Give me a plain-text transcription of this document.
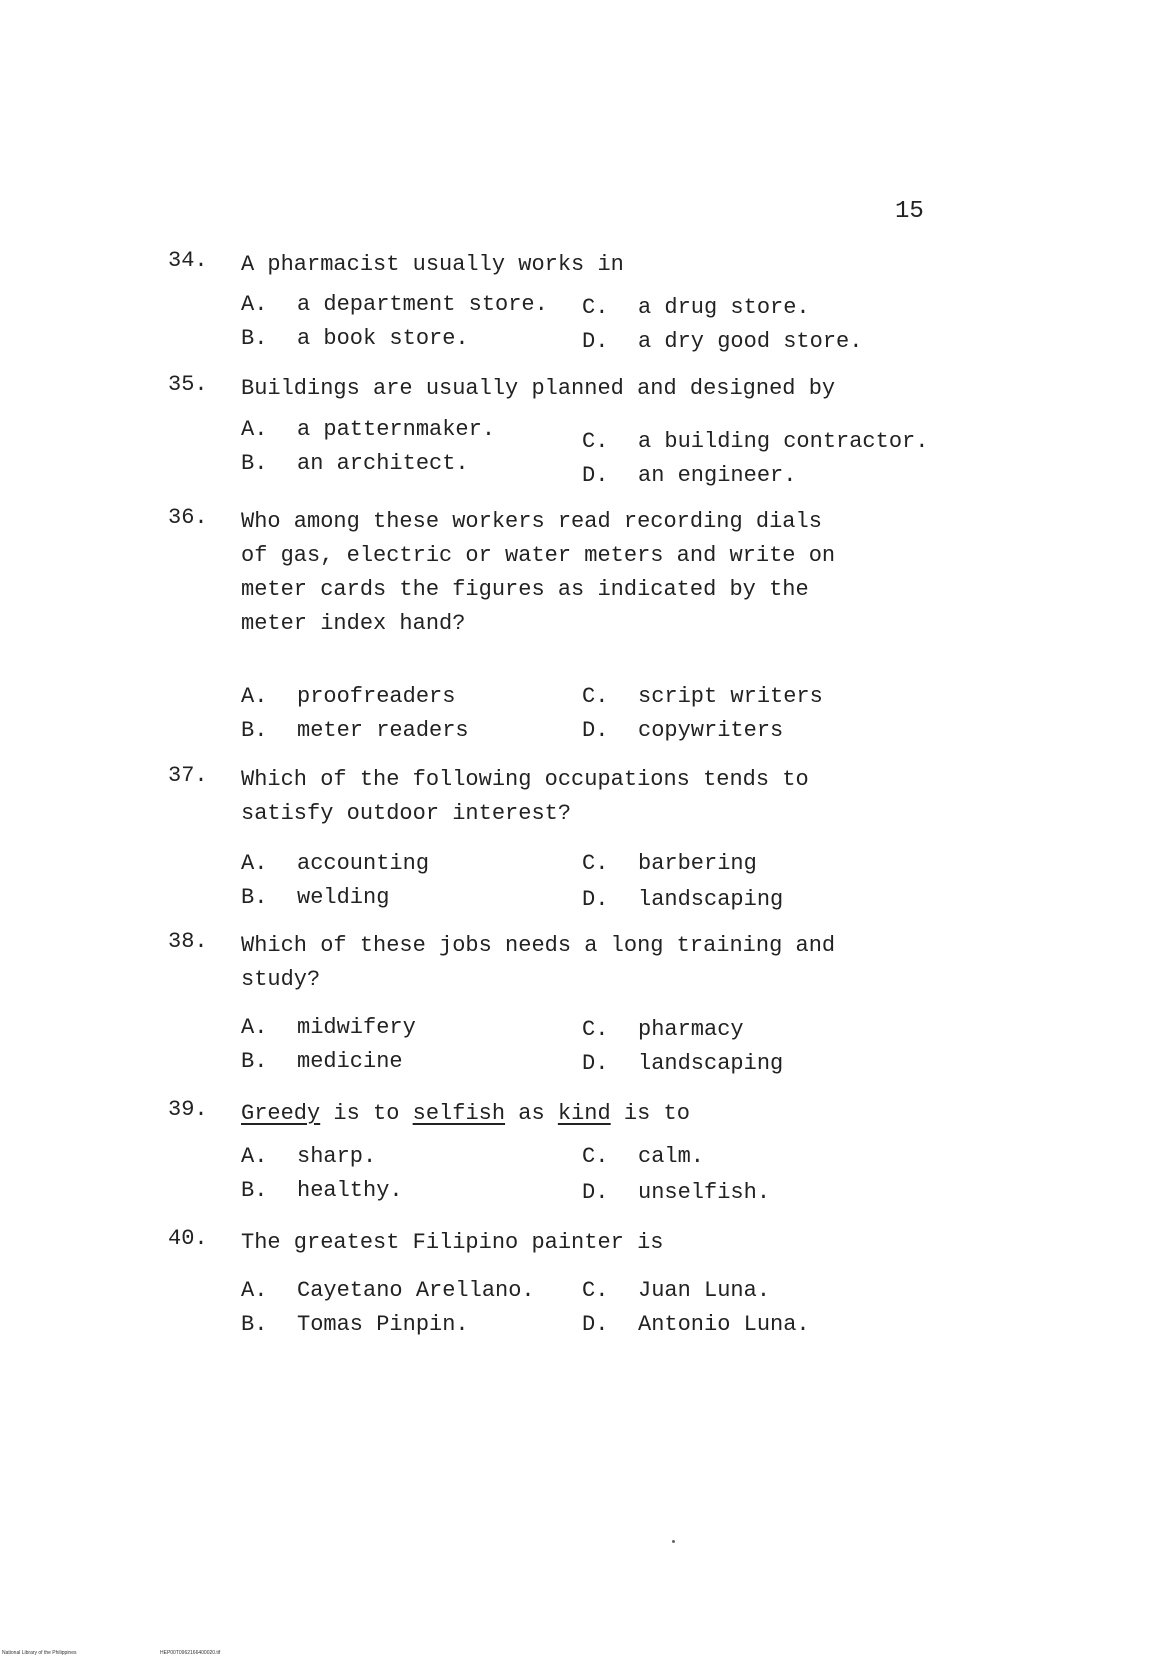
15
34. A pharmacist usually works in
A. a department store.
B. a book store.
C. a drug store.
D. a dry good store.
35. Buildings are usually planned and designed by
A. a patternmaker.
B. an architect.
C. a building contractor.
D. an engineer.
36. Who among these workers read recording dials
of gas, electric or water meters and write on
meter cards the figures as indicated by the
meter index hand?
A. proofreaders
B. meter readers
C. script writers
D. copywriters
37. Which of the following occupations tends to
satisfy outdoor interest?
A. accounting
B. welding
C. barbering
D. landscaping
38. Which of these jobs needs a long training and
study?
A. midwifery
B. medicine
C. pharmacy
D. landscaping
39. Greedy is to selfish as kind is to
A. sharp.
B. healthy.
C. calm.
D. unselfish.
40. The greatest Filipino painter is
A. Cayetano Arellano.
B. Tomas Pinpin.
C. Juan Luna.
D. Antonio Luna.
National Library of the Philippines	HEP00T0962166400020.tif
